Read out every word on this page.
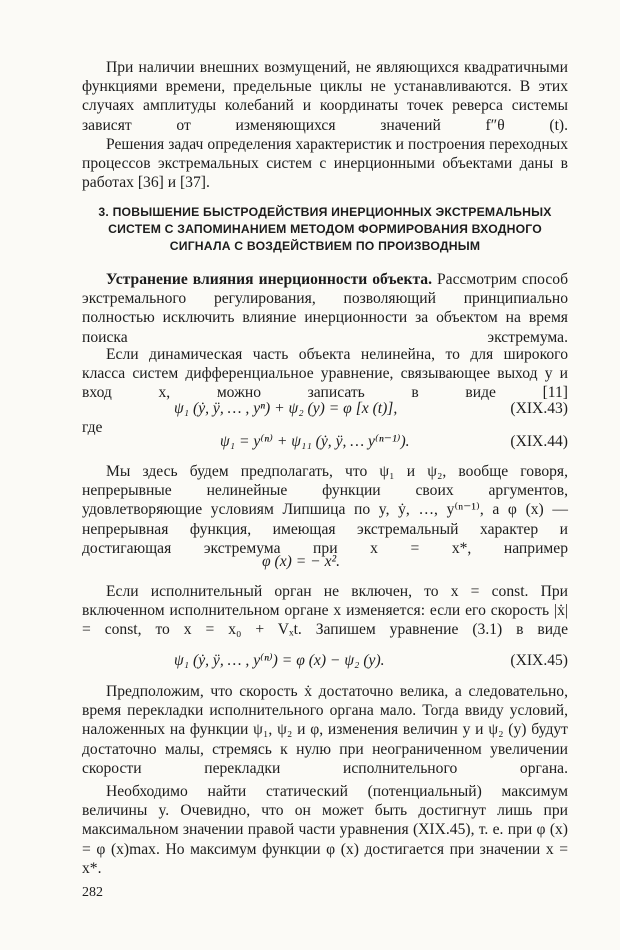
При наличии внешних возмущений, не являющихся квадратичными функциями времени, предельные циклы не устанавливаются. В этих случаях амплитуды колебаний и координаты точек реверса системы зависят от изменяющихся значений f″θ (t).
Решения задач определения характеристик и построения переходных процессов экстремальных систем с инерционными объектами даны в работах [36] и [37].
3. ПОВЫШЕНИЕ БЫСТРОДЕЙСТВИЯ ИНЕРЦИОННЫХ ЭКСТРЕМАЛЬНЫХ
СИСТЕМ С ЗАПОМИНАНИЕМ МЕТОДОМ ФОРМИРОВАНИЯ ВХОДНОГО
СИГНАЛА С ВОЗДЕЙСТВИЕМ ПО ПРОИЗВОДНЫМ
Устранение влияния инерционности объекта. Рассмотрим способ экстремального регулирования, позволяющий принципиально полностью исключить влияние инерционности за объектом на время поиска экстремума.
Если динамическая часть объекта нелинейна, то для широкого класса систем дифференциальное уравнение, связывающее выход y и вход x, можно записать в виде [11]
ψ₁ (ẏ, ÿ, … , yⁿ) + ψ₂ (y) = φ [x (t)],	(XIX.43)
где
ψ₁ = y⁽ⁿ⁾ + ψ₁₁ (ẏ, ÿ, … y⁽ⁿ⁻¹⁾).	(XIX.44)
Мы здесь будем предполагать, что ψ₁ и ψ₂, вообще говоря, непрерывные нелинейные функции своих аргументов, удовлетворяющие условиям Липшица по y, ẏ, …, y⁽ⁿ⁻¹⁾, а φ (x) — непрерывная функция, имеющая экстремальный характер и достигающая экстремума при x = x*, например
φ (x) = − x².
Если исполнительный орган не включен, то x = const. При включенном исполнительном органе x изменяется: если его скорость |ẋ| = const, то x = x₀ + Vₓt. Запишем уравнение (3.1) в виде
ψ₁ (ẏ, ÿ, … , y⁽ⁿ⁾) = φ (x) − ψ₂ (y).	(XIX.45)
Предположим, что скорость ẋ достаточно велика, а следовательно, время перекладки исполнительного органа мало. Тогда ввиду условий, наложенных на функции ψ₁, ψ₂ и φ, изменения величин y и ψ₂ (y) будут достаточно малы, стремясь к нулю при неограниченном увеличении скорости перекладки исполнительного органа.
Необходимо найти статический (потенциальный) максимум величины y. Очевидно, что он может быть достигнут лишь при максимальном значении правой части уравнения (XIX.45), т. е. при φ (x) = φ (x)max. Но максимум функции φ (x) достигается при значении x = x*.
282
